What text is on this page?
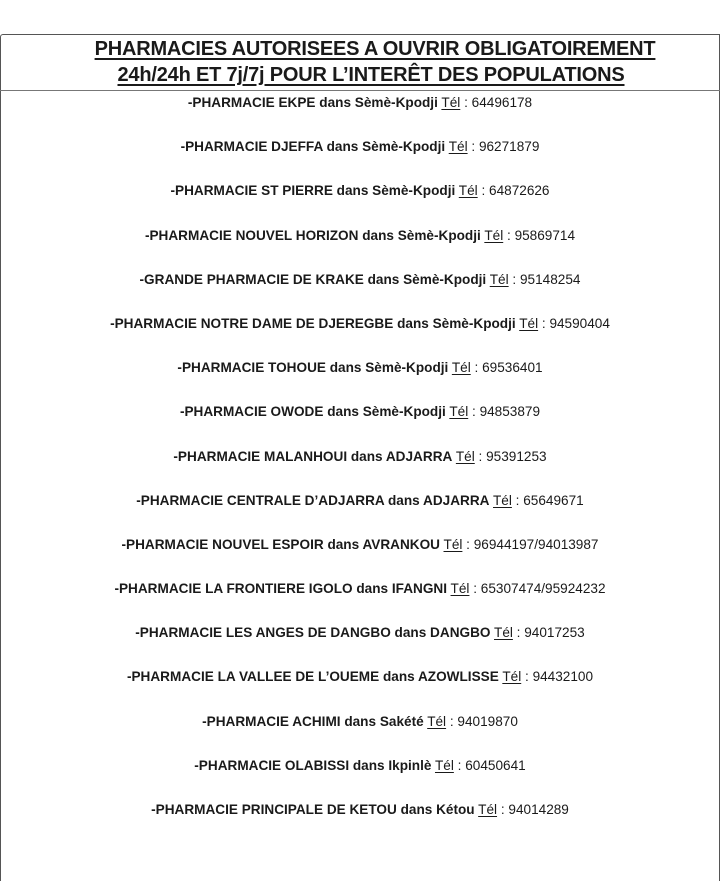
PHARMACIES AUTORISEES A OUVRIR OBLIGATOIREMENT
24h/24h ET 7j/7j POUR L’INTERÊT DES POPULATIONS
-PHARMACIE EKPE dans Sèmè-Kpodji Tél : 64496178
-PHARMACIE DJEFFA dans Sèmè-Kpodji Tél : 96271879
-PHARMACIE ST PIERRE dans Sèmè-Kpodji Tél : 64872626
-PHARMACIE NOUVEL HORIZON dans Sèmè-Kpodji Tél : 95869714
-GRANDE PHARMACIE DE KRAKE dans Sèmè-Kpodji Tél : 95148254
-PHARMACIE NOTRE DAME DE DJEREGBE dans Sèmè-Kpodji Tél : 94590404
-PHARMACIE TOHOUE dans Sèmè-Kpodji Tél : 69536401
-PHARMACIE OWODE dans Sèmè-Kpodji Tél : 94853879
-PHARMACIE MALANHOUI dans ADJARRA Tél : 95391253
-PHARMACIE CENTRALE D’ADJARRA dans ADJARRA Tél : 65649671
-PHARMACIE NOUVEL ESPOIR dans AVRANKOU Tél : 96944197/94013987
-PHARMACIE LA FRONTIERE IGOLO dans IFANGNI Tél : 65307474/95924232
-PHARMACIE LES ANGES DE DANGBO dans DANGBO Tél : 94017253
-PHARMACIE LA VALLEE DE L’OUEME dans AZOWLISSE Tél : 94432100
-PHARMACIE ACHIMI dans Sakété Tél : 94019870
-PHARMACIE OLABISSI dans Ikpinlè Tél : 60450641
-PHARMACIE PRINCIPALE DE KETOU dans Kétou Tél : 94014289
